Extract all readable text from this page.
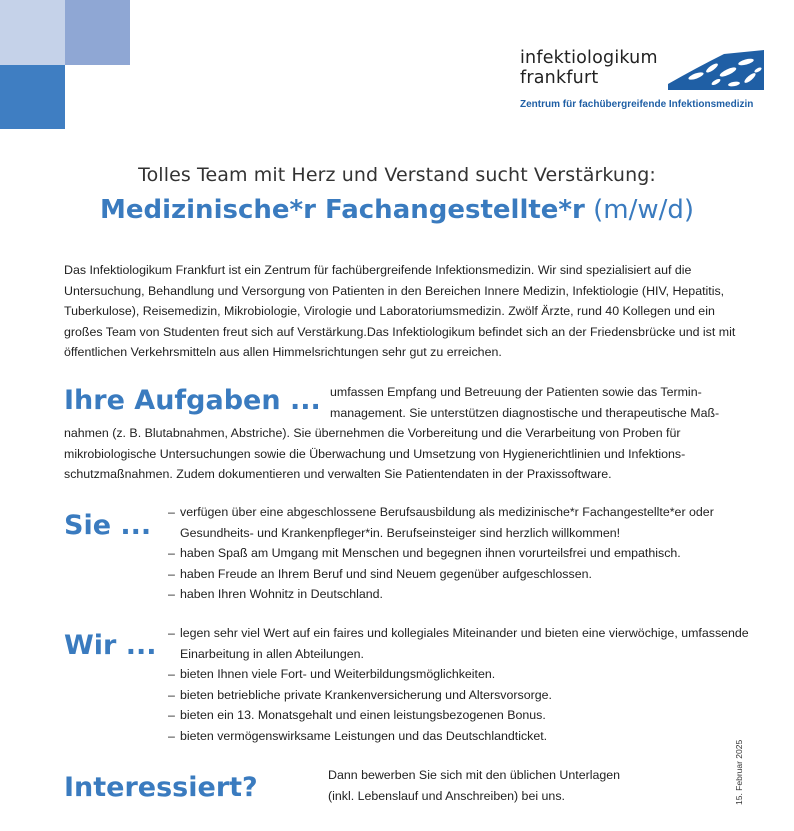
infektiologikum
frankfurt
Zentrum für fachübergreifende Infektionsmedizin
Tolles Team mit Herz und Verstand sucht Verstärkung:
Medizinische*r Fachangestellte*r (m/w/d)
Das Infektiologikum Frankfurt ist ein Zentrum für fachübergreifende Infektionsmedizin. Wir sind spezialisiert auf die Untersuchung, Behandlung und Versorgung von Patienten in den Bereichen Innere Medizin, Infektiologie (HIV, Hepatitis, Tuberkulose), Reisemedizin, Mikrobiologie, Virologie und Laboratoriumsmedizin. Zwölf Ärzte, rund 40 Kollegen und ein großes Team von Studenten freut sich auf Verstärkung.Das Infektiologikum befindet sich an der Friedensbrücke und ist mit öffentlichen Verkehrsmitteln aus allen Himmelsrichtungen sehr gut zu erreichen.
Ihre Aufgaben ... umfassen Empfang und Betreuung der Patienten sowie das Termin-management. Sie unterstützen diagnostische und therapeutische Maß-
nahmen (z. B. Blutabnahmen, Abstriche). Sie übernehmen die Vorbereitung und die Verarbeitung von Proben für mikrobiologische Untersuchungen sowie die Überwachung und Umsetzung von Hygienerichtlinien und Infektions-schutzmaßnahmen. Zudem dokumentieren und verwalten Sie Patientendaten in der Praxissoftware.
Sie ...	– verfügen über eine abgeschlossene Berufsausbildung als medizinische*r Fachangestellte*er oder Gesundheits- und Krankenpfleger*in. Berufseinsteiger sind herzlich willkommen!
– haben Spaß am Umgang mit Menschen und begegnen ihnen vorurteilsfrei und empathisch.
– haben Freude an Ihrem Beruf und sind Neuem gegenüber aufgeschlossen.
– haben Ihren Wohnitz in Deutschland.
Wir ...	– legen sehr viel Wert auf ein faires und kollegiales Miteinander und bieten eine vierwöchige, umfassende Einarbeitung in allen Abteilungen.
– bieten Ihnen viele Fort- und Weiterbildungsmöglichkeiten.
– bieten betriebliche private Krankenversicherung und Altersvorsorge.
– bieten ein 13. Monatsgehalt und einen leistungsbezogenen Bonus.
– bieten vermögenswirksame Leistungen und das Deutschlandticket.
Interessiert?	Dann bewerben Sie sich mit den üblichen Unterlagen
(inkl. Lebenslauf und Anschreiben) bei uns.	15. Februar 2025
